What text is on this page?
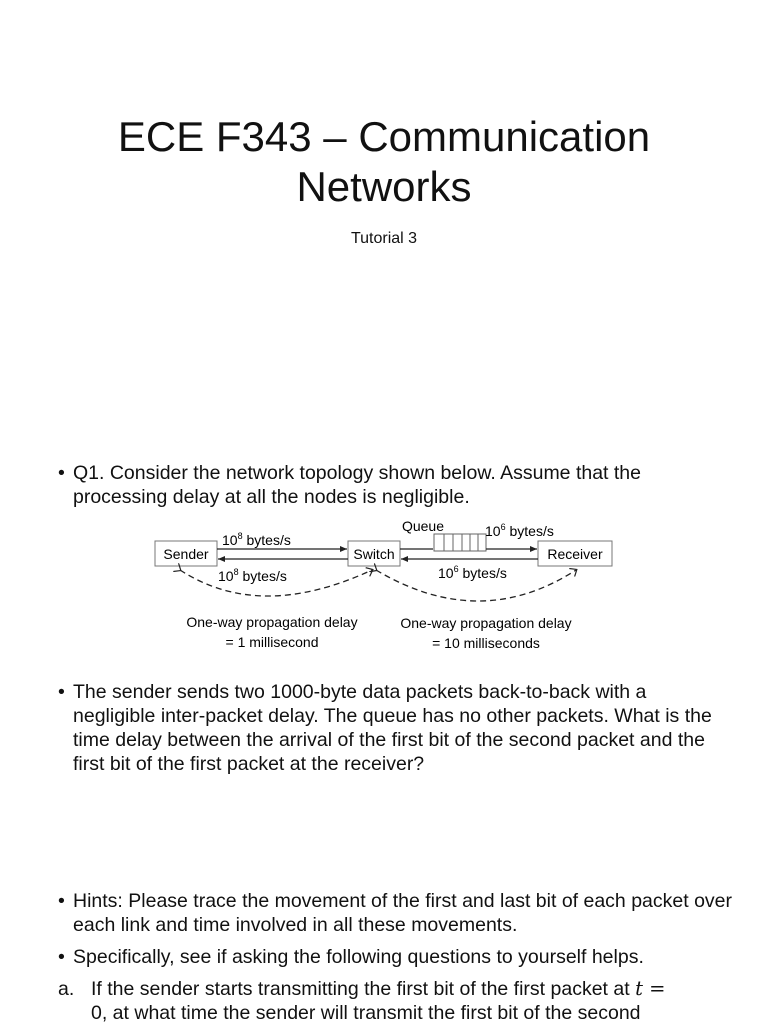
ECE F343 – Communication
Networks
Tutorial 3
• Q1. Consider the network topology shown below. Assume that the processing delay at all the nodes is negligible.
Sender	Switch	Receiver
Queue
$10^8$ bytes/s
$10^8$ bytes/s
$10^6$ bytes/s
$10^6$ bytes/s
One-way propagation delay
= 1 millisecond
One-way propagation delay
= 10 milliseconds
• The sender sends two 1000-byte data packets back-to-back with a negligible inter-packet delay. The queue has no other packets. What is the time delay between the arrival of the first bit of the second packet and the first bit of the first packet at the receiver?
• Hints: Please trace the movement of the first and last bit of each packet over each link and time involved in all these movements.
• Specifically, see if asking the following questions to yourself helps.
a. If the sender starts transmitting the first bit of the first packet at t =
0, at what time the sender will transmit the first bit of the second
